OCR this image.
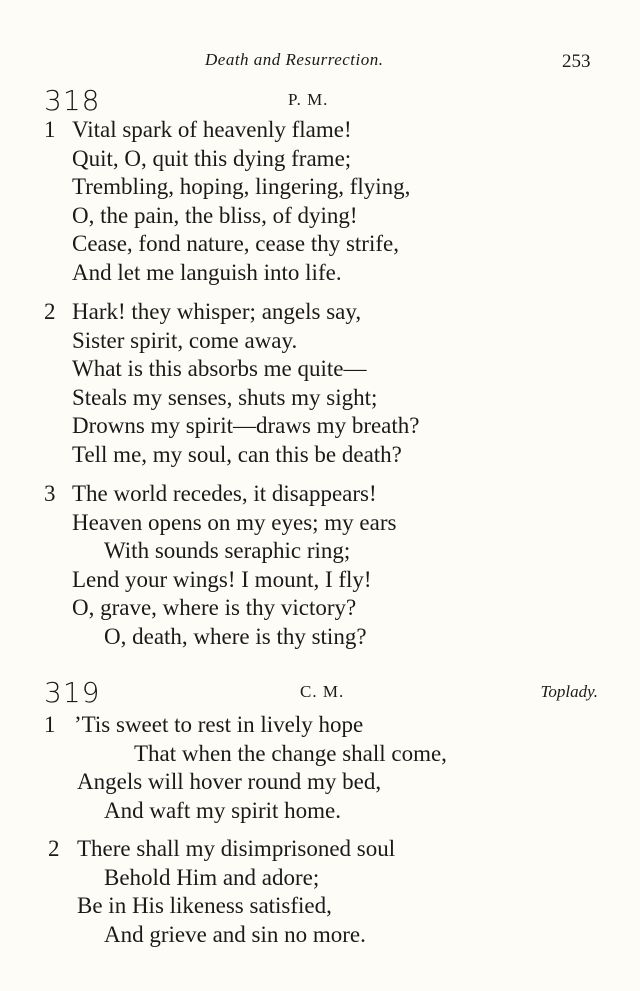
Death and Resurrection.	253
318	P. M.
1 Vital spark of heavenly flame!
Quit, O, quit this dying frame;
Trembling, hoping, lingering, flying,
O, the pain, the bliss, of dying!
Cease, fond nature, cease thy strife,
And let me languish into life.
2 Hark! they whisper; angels say,
Sister spirit, come away.
What is this absorbs me quite—
Steals my senses, shuts my sight;
Drowns my spirit—draws my breath?
Tell me, my soul, can this be death?
3 The world recedes, it disappears!
Heaven opens on my eyes; my ears
With sounds seraphic ring;
Lend your wings! I mount, I fly!
O, grave, where is thy victory?
O, death, where is thy sting?
319	C. M.	Toplady.
1 ’Tis sweet to rest in lively hope
That when the change shall come,
Angels will hover round my bed,
And waft my spirit home.
2 There shall my disimprisoned soul
Behold Him and adore;
Be in His likeness satisfied,
And grieve and sin no more.
